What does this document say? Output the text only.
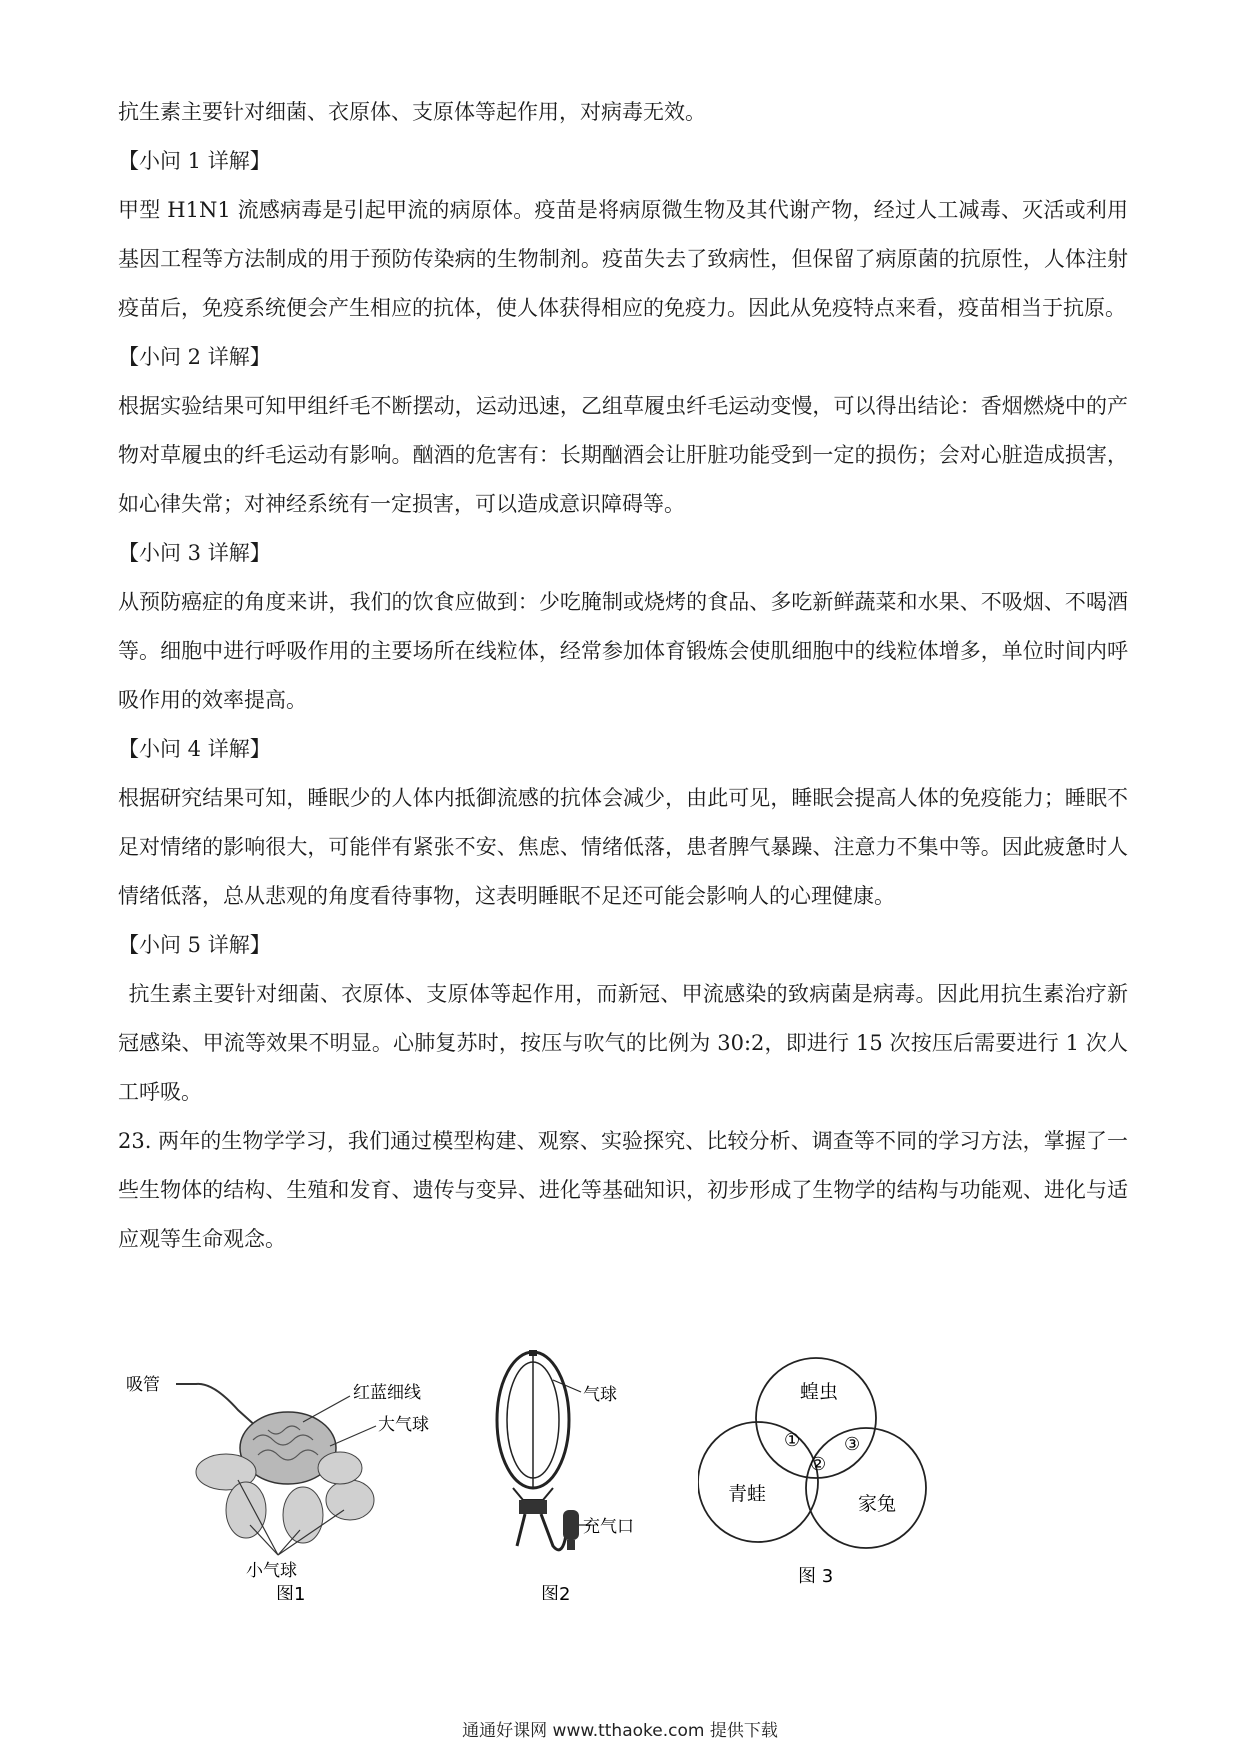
抗生素主要针对细菌、衣原体、支原体等起作用，对病毒无效。

【小问 1 详解】

甲型 H1N1 流感病毒是引起甲流的病原体。疫苗是将病原微生物及其代谢产物，经过人工减毒、灭活或利用基因工程等方法制成的用于预防传染病的生物制剂。疫苗失去了致病性，但保留了病原菌的抗原性，人体注射疫苗后，免疫系统便会产生相应的抗体，使人体获得相应的免疫力。因此从免疫特点来看，疫苗相当于抗原。

【小问 2 详解】

根据实验结果可知甲组纤毛不断摆动，运动迅速，乙组草履虫纤毛运动变慢，可以得出结论：香烟燃烧中的产物对草履虫的纤毛运动有影响。酗酒的危害有：长期酗酒会让肝脏功能受到一定的损伤；会对心脏造成损害，如心律失常；对神经系统有一定损害，可以造成意识障碍等。

【小问 3 详解】

从预防癌症的角度来讲，我们的饮食应做到：少吃腌制或烧烤的食品、多吃新鲜蔬菜和水果、不吸烟、不喝酒等。细胞中进行呼吸作用的主要场所在线粒体，经常参加体育锻炼会使肌细胞中的线粒体增多，单位时间内呼吸作用的效率提高。

【小问 4 详解】

根据研究结果可知，睡眠少的人体内抵御流感的抗体会减少，由此可见，睡眠会提高人体的免疫能力；睡眠不足对情绪的影响很大，可能伴有紧张不安、焦虑、情绪低落，患者脾气暴躁、注意力不集中等。因此疲惫时人情绪低落，总从悲观的角度看待事物，这表明睡眠不足还可能会影响人的心理健康。

【小问 5 详解】

抗生素主要针对细菌、衣原体、支原体等起作用，而新冠、甲流感染的致病菌是病毒。因此用抗生素治疗新冠感染、甲流等效果不明显。心肺复苏时，按压与吹气的比例为 30:2，即进行 15 次按压后需要进行 1 次人工呼吸。

23. 两年的生物学学习，我们通过模型构建、观察、实验探究、比较分析、调查等不同的学习方法，掌握了一些生物体的结构、生殖和发育、遗传与变异、进化等基础知识，初步形成了生物学的结构与功能观、进化与适应观等生命观念。

吸管	红蓝细线
大气球
小气球
图1
气球
充气口
图2
蝗虫
青蛙	家兔
①
②
③
图 3
通通好课网 www.tthaoke.com 提供下载
